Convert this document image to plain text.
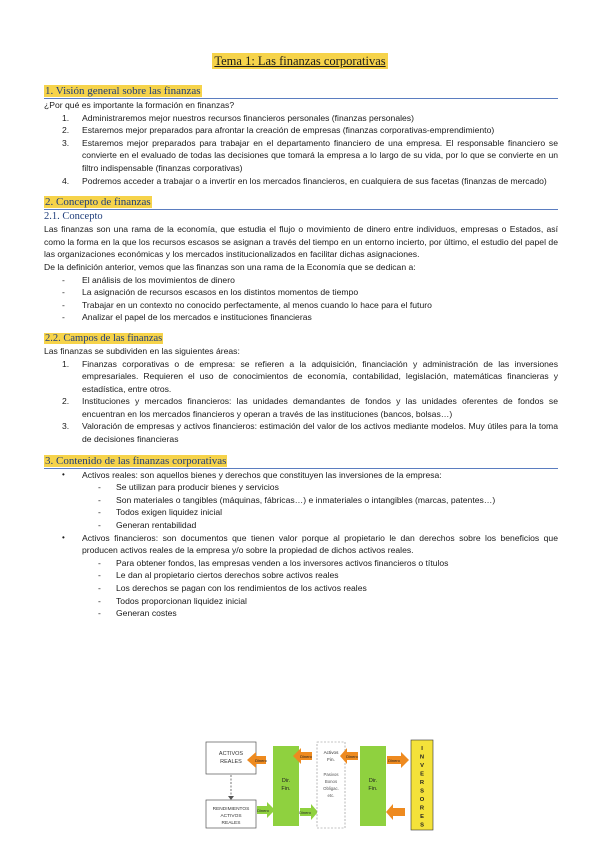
Tema 1: Las finanzas corporativas
1. Visión general sobre las finanzas

¿Por qué es importante la formación en finanzas?

1. Administraremos mejor nuestros recursos financieros personales (finanzas personales)
2. Estaremos mejor preparados para afrontar la creación de empresas (finanzas corporativas-emprendimiento)
3. Estaremos mejor preparados para trabajar en el departamento financiero de una empresa. El responsable financiero se convierte en el evaluado de todas las decisiones que tomará la empresa a lo largo de su vida, por lo que se convierte en un filtro indispensable (finanzas corporativas)
4. Podremos acceder a trabajar o a invertir en los mercados financieros, en cualquiera de sus facetas (finanzas de mercado)
2. Concepto de finanzas
2.1. Concepto

Las finanzas son una rama de la economía, que estudia el flujo o movimiento de dinero entre individuos, empresas o Estados, así como la forma en la que los recursos escasos se asignan a través del tiempo en un entorno incierto, por último, el estudio del papel de las organizaciones económicas y los mercados institucionalizados en facilitar dichas asignaciones.

De la definición anterior, vemos que las finanzas son una rama de la Economía que se dedican a:

- El análisis de los movimientos de dinero
- La asignación de recursos escasos en los distintos momentos de tiempo
- Trabajar en un contexto no conocido perfectamente, al menos cuando lo hace para el futuro
- Analizar el papel de los mercados e instituciones financieras
2.2. Campos de las finanzas

Las finanzas se subdividen en las siguientes áreas:

1. Finanzas corporativas o de empresa: se refieren a la adquisición, financiación y administración de las inversiones empresariales. Requieren el uso de conocimientos de economía, contabilidad, legislación, matemáticas financieras y estadística, entre otros.
2. Instituciones y mercados financieros: las unidades demandantes de fondos y las unidades oferentes de fondos se encuentran en los mercados financieros y operan a través de las instituciones (bancos, bolsas…)
3. Valoración de empresas y activos financieros: estimación del valor de los activos mediante modelos. Muy útiles para la toma de decisiones financieras
3. Contenido de las finanzas corporativas
• Activos reales: son aquellos bienes y derechos que constituyen las inversiones de la empresa:
- Se utilizan para producir bienes y servicios
- Son materiales o tangibles (máquinas, fábricas…) e inmateriales o intangibles (marcas, patentes…)
- Todos exigen liquidez inicial
- Generan rentabilidad
• Activos financieros: son documentos que tienen valor porque al propietario le dan derechos sobre los beneficios que producen activos reales de la empresa y/o sobre la propiedad de dichos activos reales.
- Para obtener fondos, las empresas venden a los inversores activos financieros o títulos
- Le dan al propietario ciertos derechos sobre activos reales
- Los derechos se pagan con los rendimientos de los activos reales
- Todos proporcionan liquidez inicial
- Generan costes
ACTIVOS
REALES
RENDIMIENTOS
ACTIVOS
REALES
Dinero
Dinero
Dir.
Fin.
Dinero
Dinero
Activos
Fin.
Pasivos
Bonos
Obligac.
etc.
Dinero
Dir.
Fin.
Dinero
I
N
V
E
R
S
O
R
E
S
